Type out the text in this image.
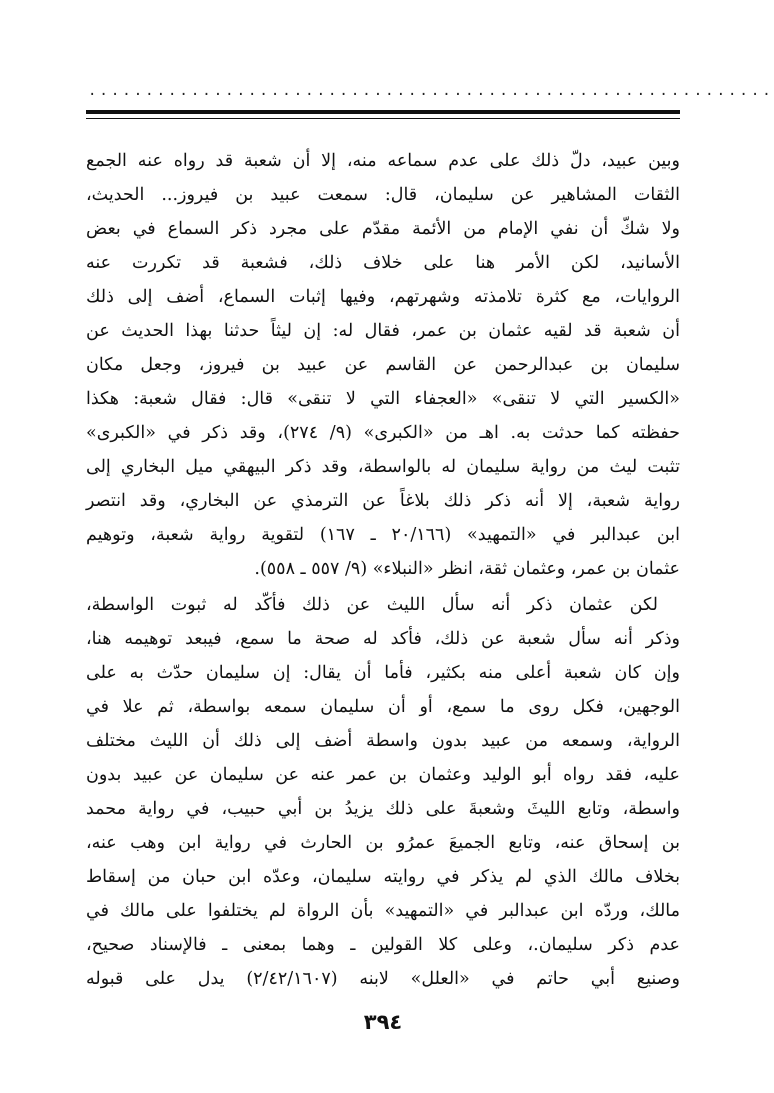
............................................................
وبين عبيد، دلّ ذلك على عدم سماعه منه، إلا أن شعبة قد رواه عنه الجمع
الثقات المشاهير عن سليمان، قال: سمعت عبيد بن فيروز... الحديث،
ولا شكّ أن نفي الإمام من الأئمة مقدّم على مجرد ذكر السماع في بعض
الأسانيد، لكن الأمر هنا على خلاف ذلك، فشعبة قد تكررت عنه
الروايات، مع كثرة تلامذته وشهرتهم، وفيها إثبات السماع، أضف إلى ذلك
أن شعبة قد لقيه عثمان بن عمر، فقال له: إن ليثاً حدثنا بهذا الحديث عن
سليمان بن عبدالرحمن عن القاسم عن عبيد بن فيروز، وجعل مكان
«الكسير التي لا تنقى» «العجفاء التي لا تنقى» قال: فقال شعبة: هكذا
حفظته كما حدثت به. اهـ من «الكبرى» (٩/ ٢٧٤)، وقد ذكر في «الكبرى»
تثبت ليث من رواية سليمان له بالواسطة، وقد ذكر البيهقي ميل البخاري إلى
رواية شعبة، إلا أنه ذكر ذلك بلاغاً عن الترمذي عن البخاري، وقد انتصر
ابن عبدالبر في «التمهيد» (٢٠/١٦٦ ـ ١٦٧) لتقوية رواية شعبة، وتوهيم
عثمان بن عمر، وعثمان ثقة، انظر «النبلاء» (٩/ ٥٥٧ ـ ٥٥٨).
لكن عثمان ذكر أنه سأل الليث عن ذلك فأكّد له ثبوت الواسطة،
وذكر أنه سأل شعبة عن ذلك، فأكد له صحة ما سمع، فيبعد توهيمه هنا،
وإن كان شعبة أعلى منه بكثير، فأما أن يقال: إن سليمان حدّث به على
الوجهين، فكل روى ما سمع، أو أن سليمان سمعه بواسطة، ثم علا في
الرواية، وسمعه من عبيد بدون واسطة أضف إلى ذلك أن الليث مختلف
عليه، فقد رواه أبو الوليد وعثمان بن عمر عنه عن سليمان عن عبيد بدون
واسطة، وتابع الليثَ وشعبةَ على ذلك يزيدُ بن أبي حبيب، في رواية محمد
بن إسحاق عنه، وتابع الجميعَ عمرُو بن الحارث في رواية ابن وهب عنه،
بخلاف مالك الذي لم يذكر في روايته سليمان، وعدّه ابن حبان من إسقاط
مالك، وردّه ابن عبدالبر في «التمهيد» بأن الرواة لم يختلفوا على مالك في
عدم ذكر سليمان.، وعلى كلا القولين ـ وهما بمعنى ـ فالإسناد صحيح،
وصنيع أبي حاتم في «العلل» لابنه (٢/٤٢/١٦٠٧) يدل على قبوله
٣٩٤
